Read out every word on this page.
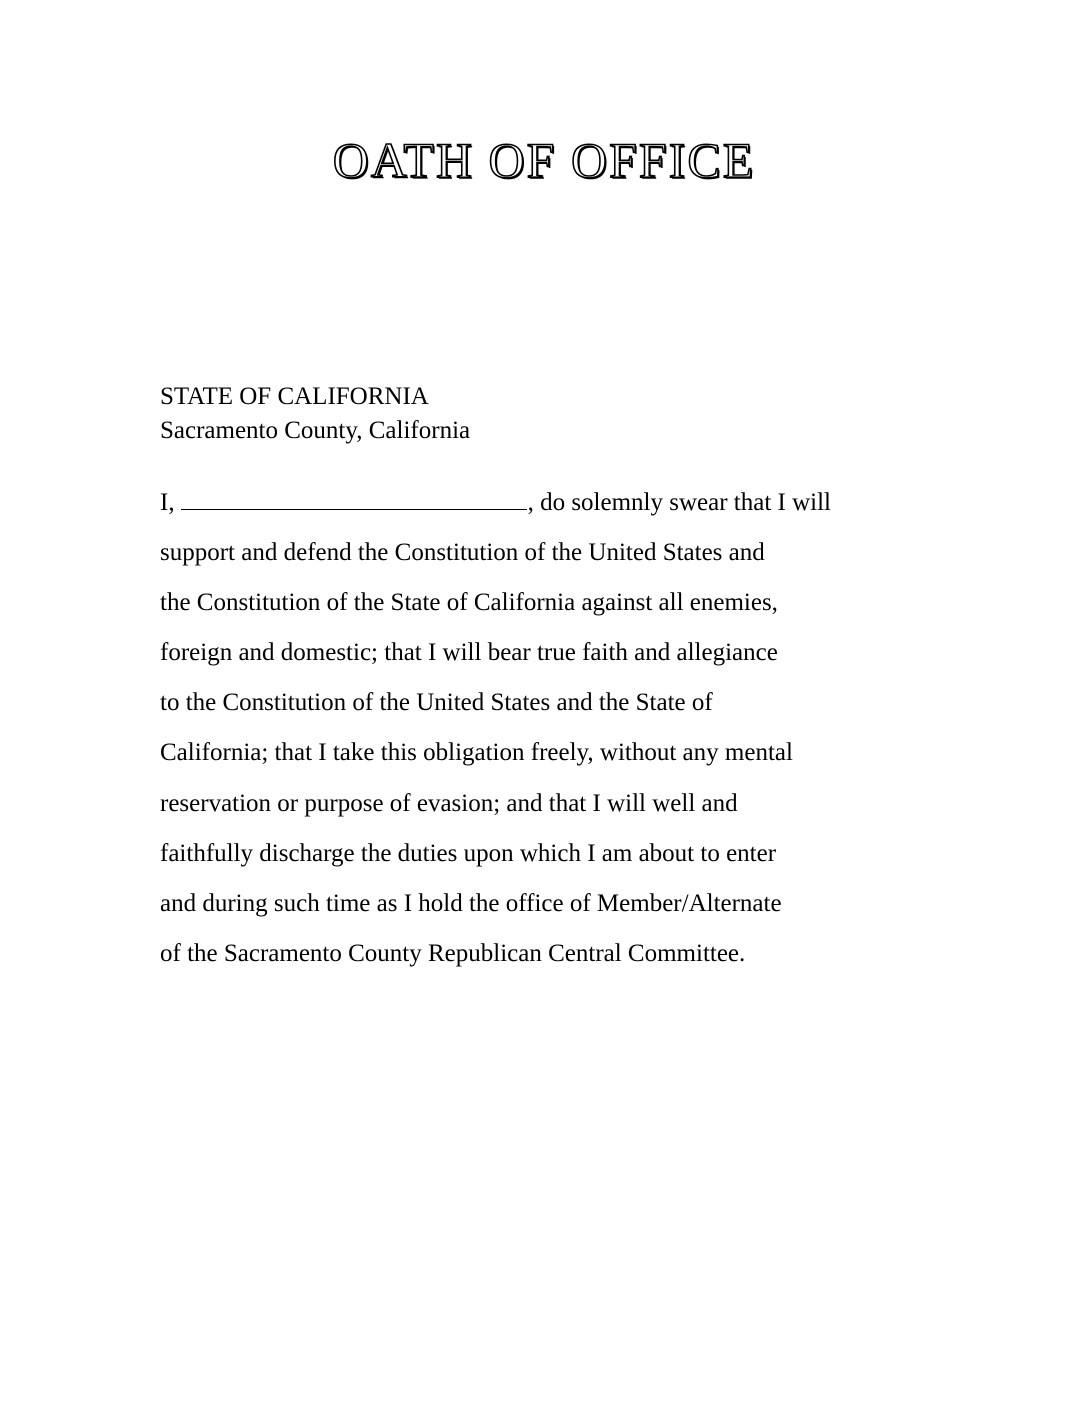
OATH OF OFFICE
STATE OF CALIFORNIA
Sacramento County, California
I,	, do solemnly swear that I will
support and defend the Constitution of the United States and
the Constitution of the State of California against all enemies,
foreign and domestic; that I will bear true faith and allegiance
to the Constitution of the United States and the State of
California; that I take this obligation freely, without any mental
reservation or purpose of evasion; and that I will well and
faithfully discharge the duties upon which I am about to enter
and during such time as I hold the office of Member/Alternate
of the Sacramento County Republican Central Committee.
